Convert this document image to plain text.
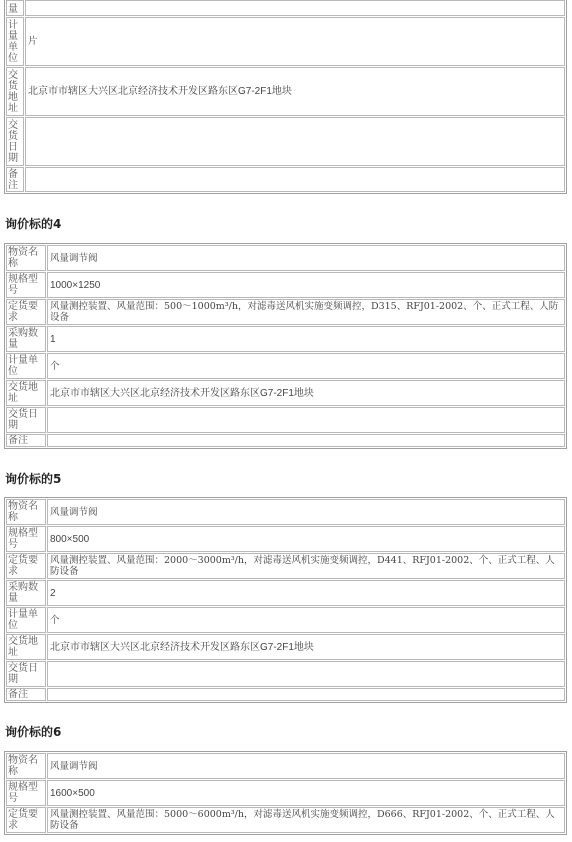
量	
计量单位	片
交货地址	北京市市辖区大兴区北京经济技术开发区路东区G7-2F1地块
交货日期	
备注	
询价标的4
物资名称	风量调节阀
规格型号	1000×1250
定货要求	风量测控装置、风量范围：500～1000m³/h，对滤毒送风机实施变频调控，D315、RFJ01-2002、个、正式工程、人防设备
采购数量	1
计量单位	个
交货地址	北京市市辖区大兴区北京经济技术开发区路东区G7-2F1地块
交货日期	
备注	
询价标的5
物资名称	风量调节阀
规格型号	800×500
定货要求	风量测控装置、风量范围：2000～3000m³/h，对滤毒送风机实施变频调控，D441、RFJ01-2002、个、正式工程、人防设备
采购数量	2
计量单位	个
交货地址	北京市市辖区大兴区北京经济技术开发区路东区G7-2F1地块
交货日期	
备注	
询价标的6
物资名称	风量调节阀
规格型号	1600×500
定货要求	风量测控装置、风量范围：5000～6000m³/h，对滤毒送风机实施变频调控，D666、RFJ01-2002、个、正式工程、人防设备
